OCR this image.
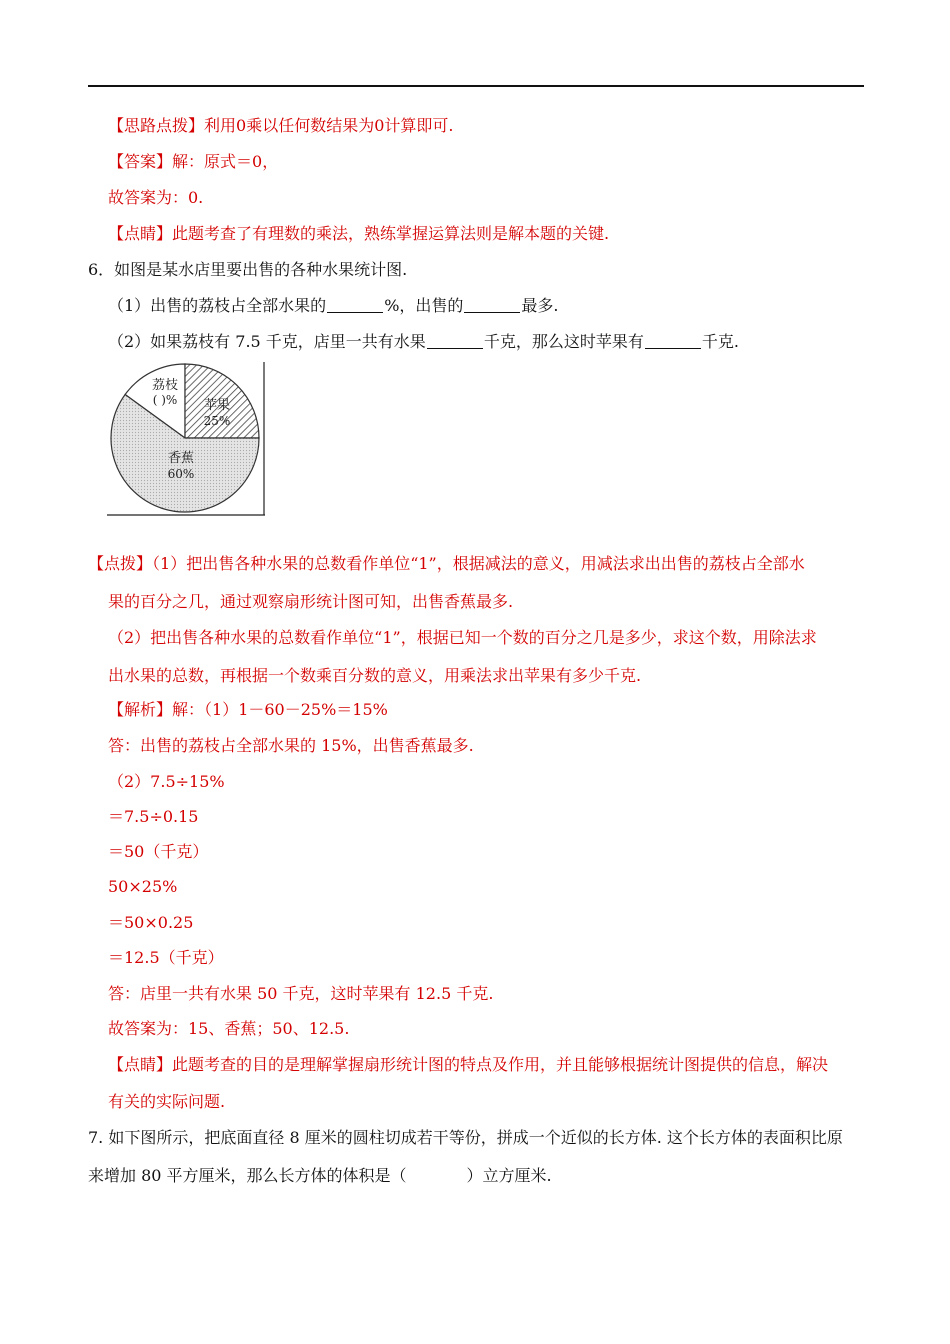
【思路点拨】利用0乘以任何数结果为0计算即可.
【答案】解：原式＝0，
故答案为：0.
【点睛】此题考查了有理数的乘法，熟练掌握运算法则是解本题的关键.
6．如图是某水店里要出售的各种水果统计图.
（1）出售的荔枝占全部水果的	%，出售的	最多.
（2）如果荔枝有 7.5 千克，店里一共有水果	千克，那么这时苹果有	千克.
荔枝
( )% 苹果
25%
香蕉
60%
【点拨】（1）把出售各种水果的总数看作单位“1”，根据减法的意义，用减法求出出售的荔枝占全部水
果的百分之几，通过观察扇形统计图可知，出售香蕉最多.
（2）把出售各种水果的总数看作单位“1”，根据已知一个数的百分之几是多少，求这个数，用除法求
出水果的总数，再根据一个数乘百分数的意义，用乘法求出苹果有多少千克.
【解析】解：（1）1－60－25%＝15%
答：出售的荔枝占全部水果的 15%，出售香蕉最多.
（2）7.5÷15%
＝7.5÷0.15
＝50（千克）
50×25%
＝50×0.25
＝12.5（千克）
答：店里一共有水果 50 千克，这时苹果有 12.5 千克.
故答案为：15、香蕉；50、12.5.
【点睛】此题考查的目的是理解掌握扇形统计图的特点及作用，并且能够根据统计图提供的信息，解决
有关的实际问题.
7. 如下图所示，把底面直径 8 厘米的圆柱切成若干等份，拼成一个近似的长方体. 这个长方体的表面积比原
来增加 80 平方厘米，那么长方体的体积是（	）立方厘米.
